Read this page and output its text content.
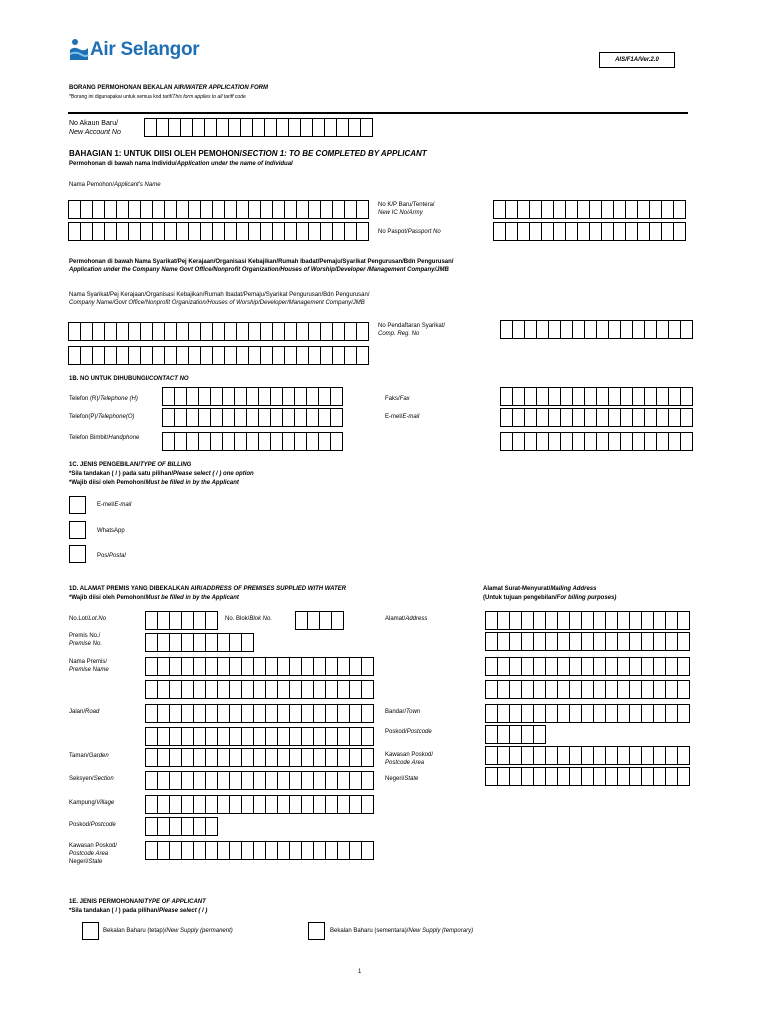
Air Selangor	AIS/F1A/Ver.2.0
BORANG PERMOHONAN BEKALAN AIR/WATER APPLICATION FORM
*Borang ini digunapakai untuk semua kod tarif/This form applies to all tariff code
No Akaun Baru/
New Account No
BAHAGIAN 1: UNTUK DIISI OLEH PEMOHON/SECTION 1: TO BE COMPLETED BY APPLICANT
Permohonan di bawah nama Individu/Application under the name of Individual
Nama Pemohon/Applicant's Name
No K/P Baru/Tentera/
New IC No/Army
No Paspot/Passport No
Permohonan di bawah Nama Syarikat/Pej Kerajaan/Organisasi Kebajikan/Rumah Ibadat/Pemaju/Syarikat Pengurusan/Bdn Pengurusan/
Application under the Company Name Govt Office/Nonprofit Organization/Houses of Worship/Developer /Management Company/JMB
Nama Syarikat/Pej Kerajaan/Organisasi Kebajikan/Rumah Ibadat/Pemaju/Syarikat Pengurusan/Bdn Pengurusan/
Company Name/Govt Office/Nonprofit Organization/Houses of Worship/Developer/Management Company/JMB
No Pendaftaran Syarikat/
Comp. Reg. No
1B. NO UNTUK DIHUBUNGI/CONTACT NO
Telefon (R)/Telephone (H)	Faks/Fax
Telefon(P)/Telephone(O)	E-mel/E-mail
Telefon Bimbit/Handphone
1C. JENIS PENGEBILAN/TYPE OF BILLING
*Sila tandakan ( / ) pada satu pilihan/Please select ( / ) one option
*Wajib diisi oleh Pemohon/Must be filled in by the Applicant
E-mel/E-mail
WhatsApp
Pos/Postal
1D. ALAMAT PREMIS YANG DIBEKALKAN AIR/ADDRESS OF PREMISES SUPPLIED WITH WATER
*Wajib diisi oleh Pemohon/Must be filled in by the Applicant
Alamat Surat-Menyurat/Mailing Address
(Untuk tujuan pengebilan/For billing purposes)
No.Lot/Lot.No	No. Blok/Blok No.	Alamat/Address
Premis No./
Premise No.
Nama Premis/
Premise Name
Jalan/Road	Bandar/Town
Poskod/Postcode
Taman/Garden	Kawasan Poskod/
Postcode Area
Seksyen/Section	Negeri/State
Kampung/Village
Poskod/Postcode
Kawasan Poskod/
Postcode Area
Negeri/State
1E. JENIS PERMOHONAN/TYPE OF APPLICANT
*Sila tandakan ( / ) pada pilihan/Please select ( / )
Bekalan Baharu (tetap)/New Supply (permanent)	Bekalan Baharu (sementara)/New Supply (temporary)
1
